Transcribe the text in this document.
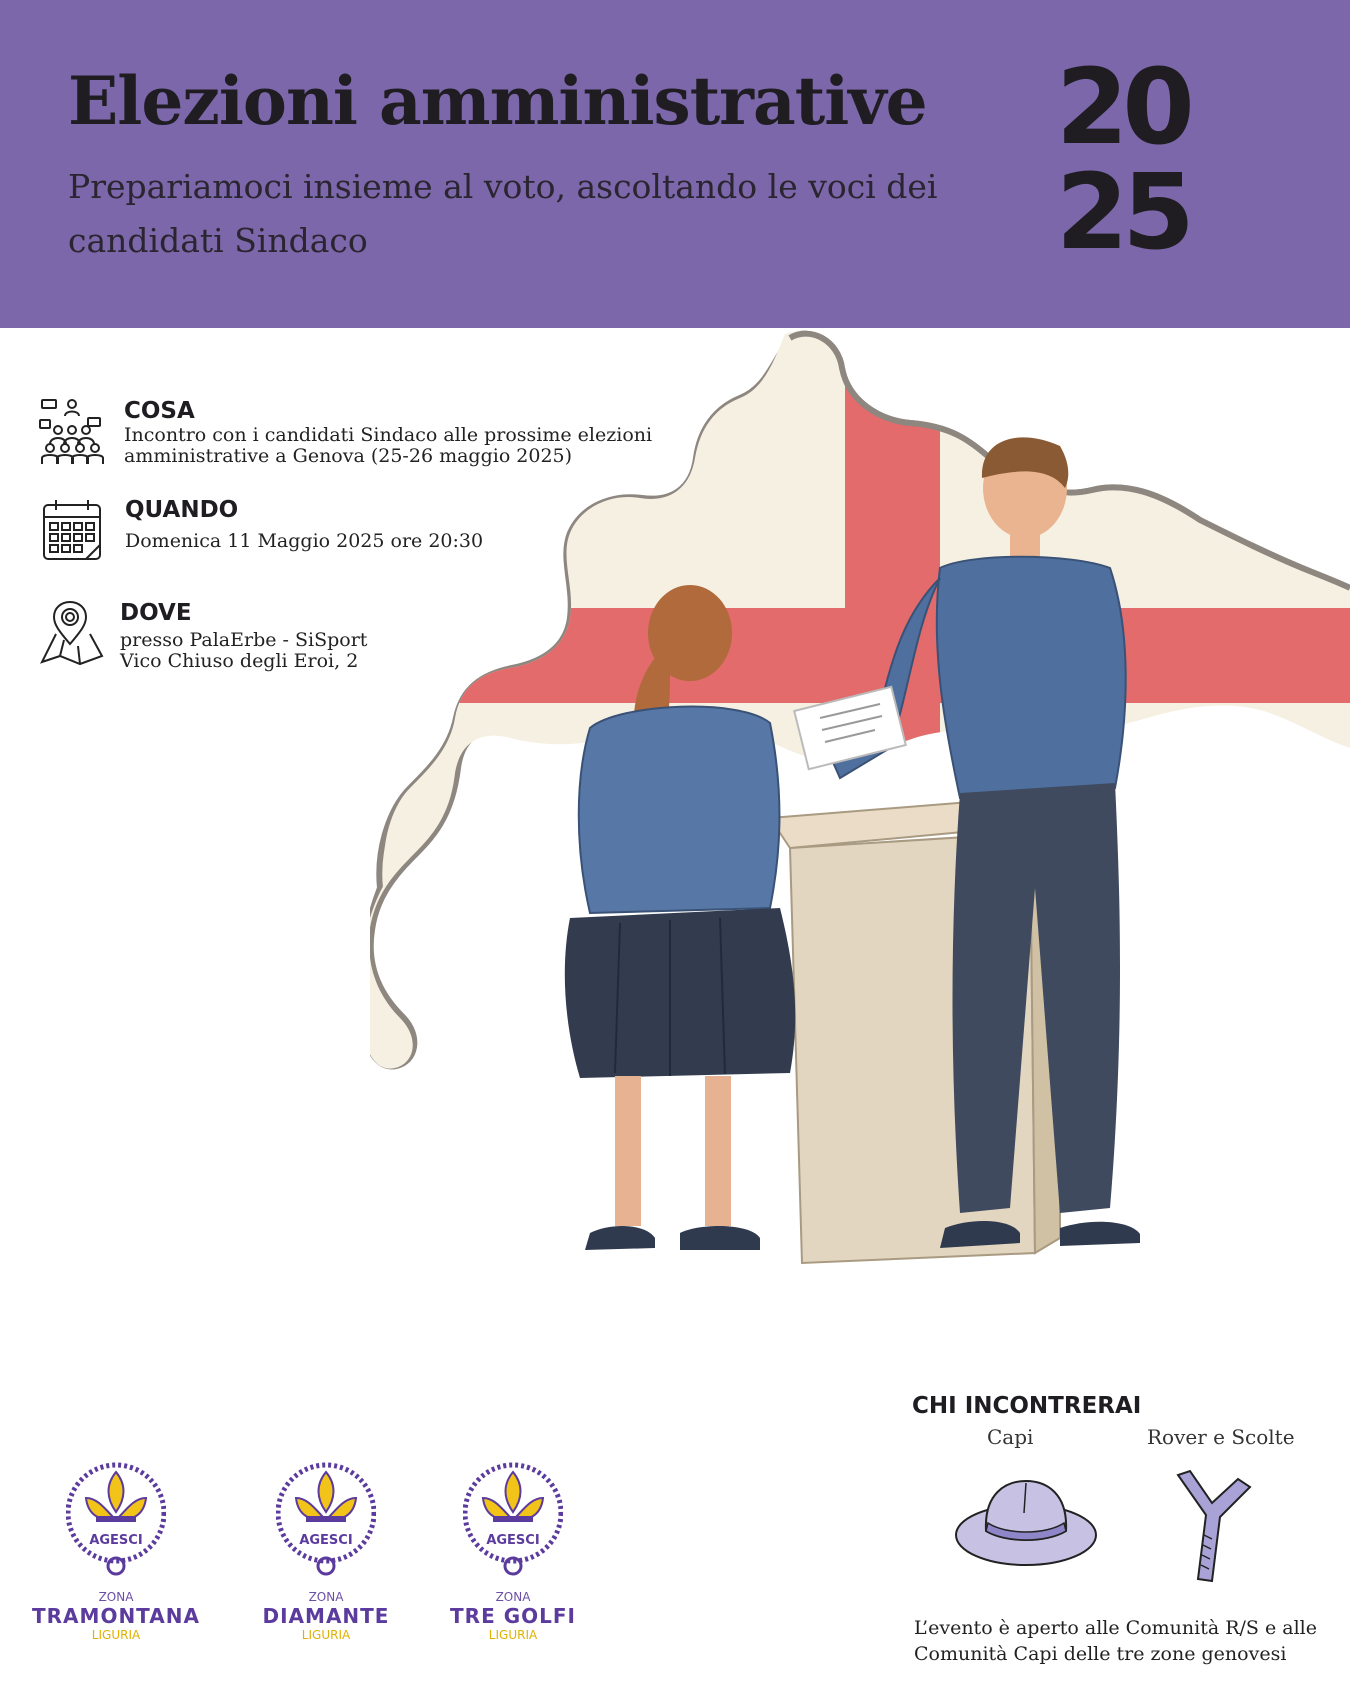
Elezioni amministrative

Prepariamoci insieme al voto, ascoltando le voci dei candidati Sindaco

20
25
COSA
Incontro con i candidati Sindaco alle prossime elezioni
amministrative a Genova (25-26 maggio 2025)
QUANDO
Domenica 11 Maggio 2025 ore 20:30
DOVE
presso PalaErbe - SiSport
Vico Chiuso degli Eroi, 2
CHI INCONTRERAI
Capi	Rover e Scolte
L’evento è aperto alle Comunità R/S e alle Comunità Capi delle tre zone genovesi
AGESCI
ZONA
TRAMONTANA
LIGURIA
AGESCI
ZONA
DIAMANTE
LIGURIA
AGESCI
ZONA
TRE GOLFI
LIGURIA
